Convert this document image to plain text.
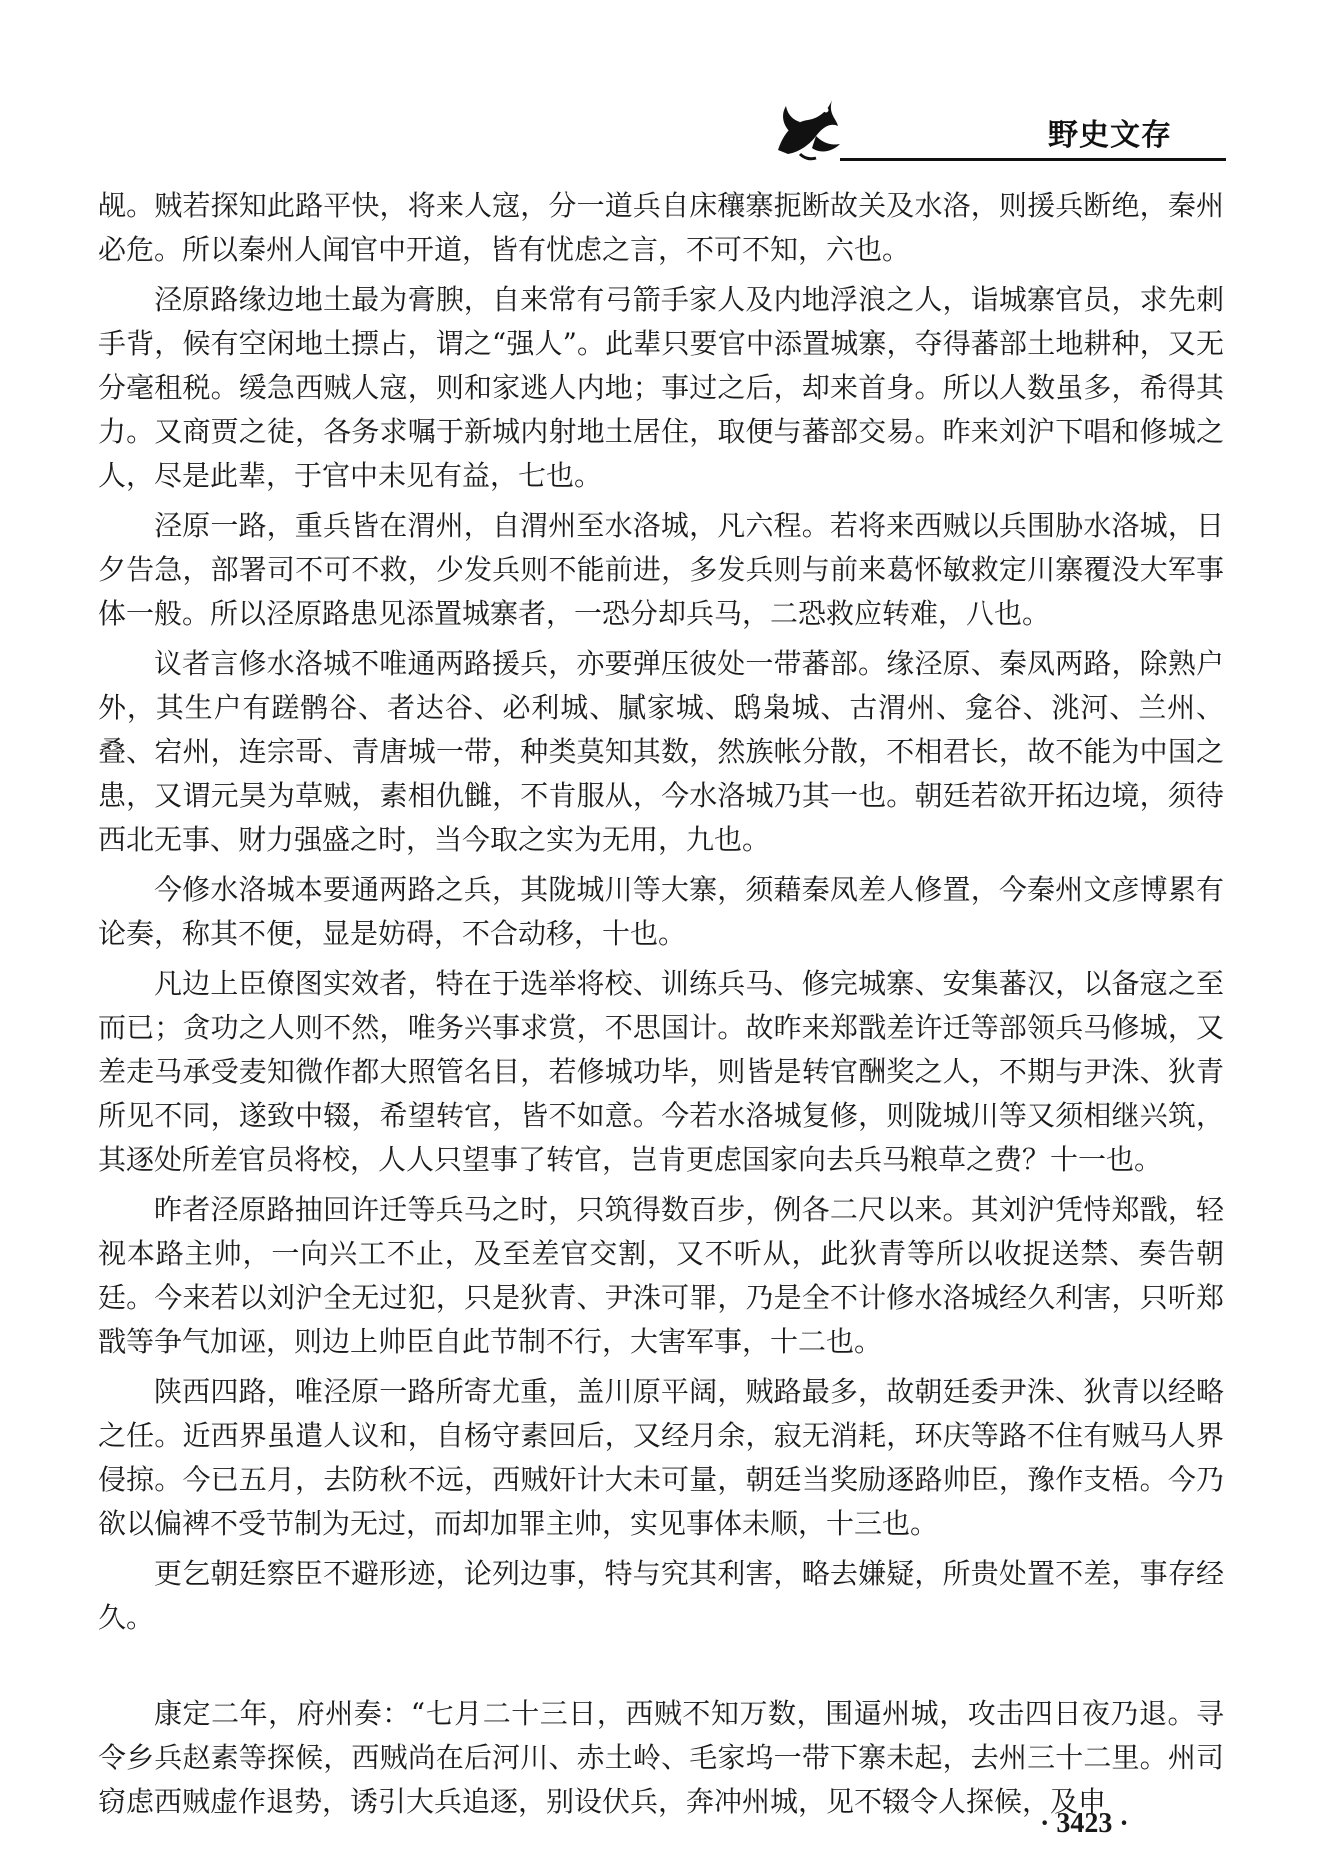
野史文存

觇。贼若探知此路平快，将来人寇，分一道兵自床穰寨扼断故关及水洛，则援兵断绝，秦州必危。所以秦州人闻官中开道，皆有忧虑之言，不可不知，六也。

泾原路缘边地土最为膏腴，自来常有弓箭手家人及内地浮浪之人，诣城寨官员，求先刺手背，候有空闲地土摽占，谓之“强人”。此辈只要官中添置城寨，夺得蕃部土地耕种，又无分毫租税。缓急西贼人寇，则和家逃人内地；事过之后，却来首身。所以人数虽多，希得其力。又商贾之徒，各务求嘱于新城内射地土居住，取便与蕃部交易。昨来刘沪下唱和修城之人，尽是此辈，于官中未见有益，七也。

泾原一路，重兵皆在渭州，自渭州至水洛城，凡六程。若将来西贼以兵围胁水洛城，日夕告急，部署司不可不救，少发兵则不能前进，多发兵则与前来葛怀敏救定川寨覆没大军事体一般。所以泾原路患见添置城寨者，一恐分却兵马，二恐救应转难，八也。

议者言修水洛城不唯通两路援兵，亦要弹压彼处一带蕃部。缘泾原、秦凤两路，除熟户外，其生户有蹉鹘谷、者达谷、必利城、膩家城、鸱枭城、古渭州、龛谷、洮河、兰州、叠、宕州，连宗哥、青唐城一带，种类莫知其数，然族帐分散，不相君长，故不能为中国之患，又谓元昊为草贼，素相仇雠，不肯服从，今水洛城乃其一也。朝廷若欲开拓边境，须待西北无事、财力强盛之时，当今取之实为无用，九也。

今修水洛城本要通两路之兵，其陇城川等大寨，须藉秦凤差人修置，今秦州文彦博累有论奏，称其不便，显是妨碍，不合动移，十也。

凡边上臣僚图实效者，特在于选举将校、训练兵马、修完城寨、安集蕃汉，以备寇之至而已；贪功之人则不然，唯务兴事求赏，不思国计。故昨来郑戬差许迁等部领兵马修城，又差走马承受麦知微作都大照管名目，若修城功毕，则皆是转官酬奖之人，不期与尹洙、狄青所见不同，遂致中辍，希望转官，皆不如意。今若水洛城复修，则陇城川等又须相继兴筑，其逐处所差官员将校，人人只望事了转官，岂肯更虑国家向去兵马粮草之费？十一也。

昨者泾原路抽回许迁等兵马之时，只筑得数百步，例各二尺以来。其刘沪凭恃郑戬，轻视本路主帅，一向兴工不止，及至差官交割，又不听从，此狄青等所以收捉送禁、奏告朝廷。今来若以刘沪全无过犯，只是狄青、尹洙可罪，乃是全不计修水洛城经久利害，只听郑戬等争气加诬，则边上帅臣自此节制不行，大害军事，十二也。

陕西四路，唯泾原一路所寄尤重，盖川原平阔，贼路最多，故朝廷委尹洙、狄青以经略之任。近西界虽遣人议和，自杨守素回后，又经月余，寂无消耗，环庆等路不住有贼马人界侵掠。今已五月，去防秋不远，西贼奸计大未可量，朝廷当奖励逐路帅臣，豫作支梧。今乃欲以偏裨不受节制为无过，而却加罪主帅，实见事体未顺，十三也。

更乞朝廷察臣不避形迹，论列边事，特与究其利害，略去嫌疑，所贵处置不差，事存经久。

康定二年，府州奏：“七月二十三日，西贼不知万数，围逼州城，攻击四日夜乃退。寻令乡兵赵素等探候，西贼尚在后河川、赤土岭、毛家坞一带下寨未起，去州三十二里。州司窃虑西贼虚作退势，诱引大兵追逐，别设伏兵，奔冲州城，见不辍令人探候，及申

· 3423 ·
